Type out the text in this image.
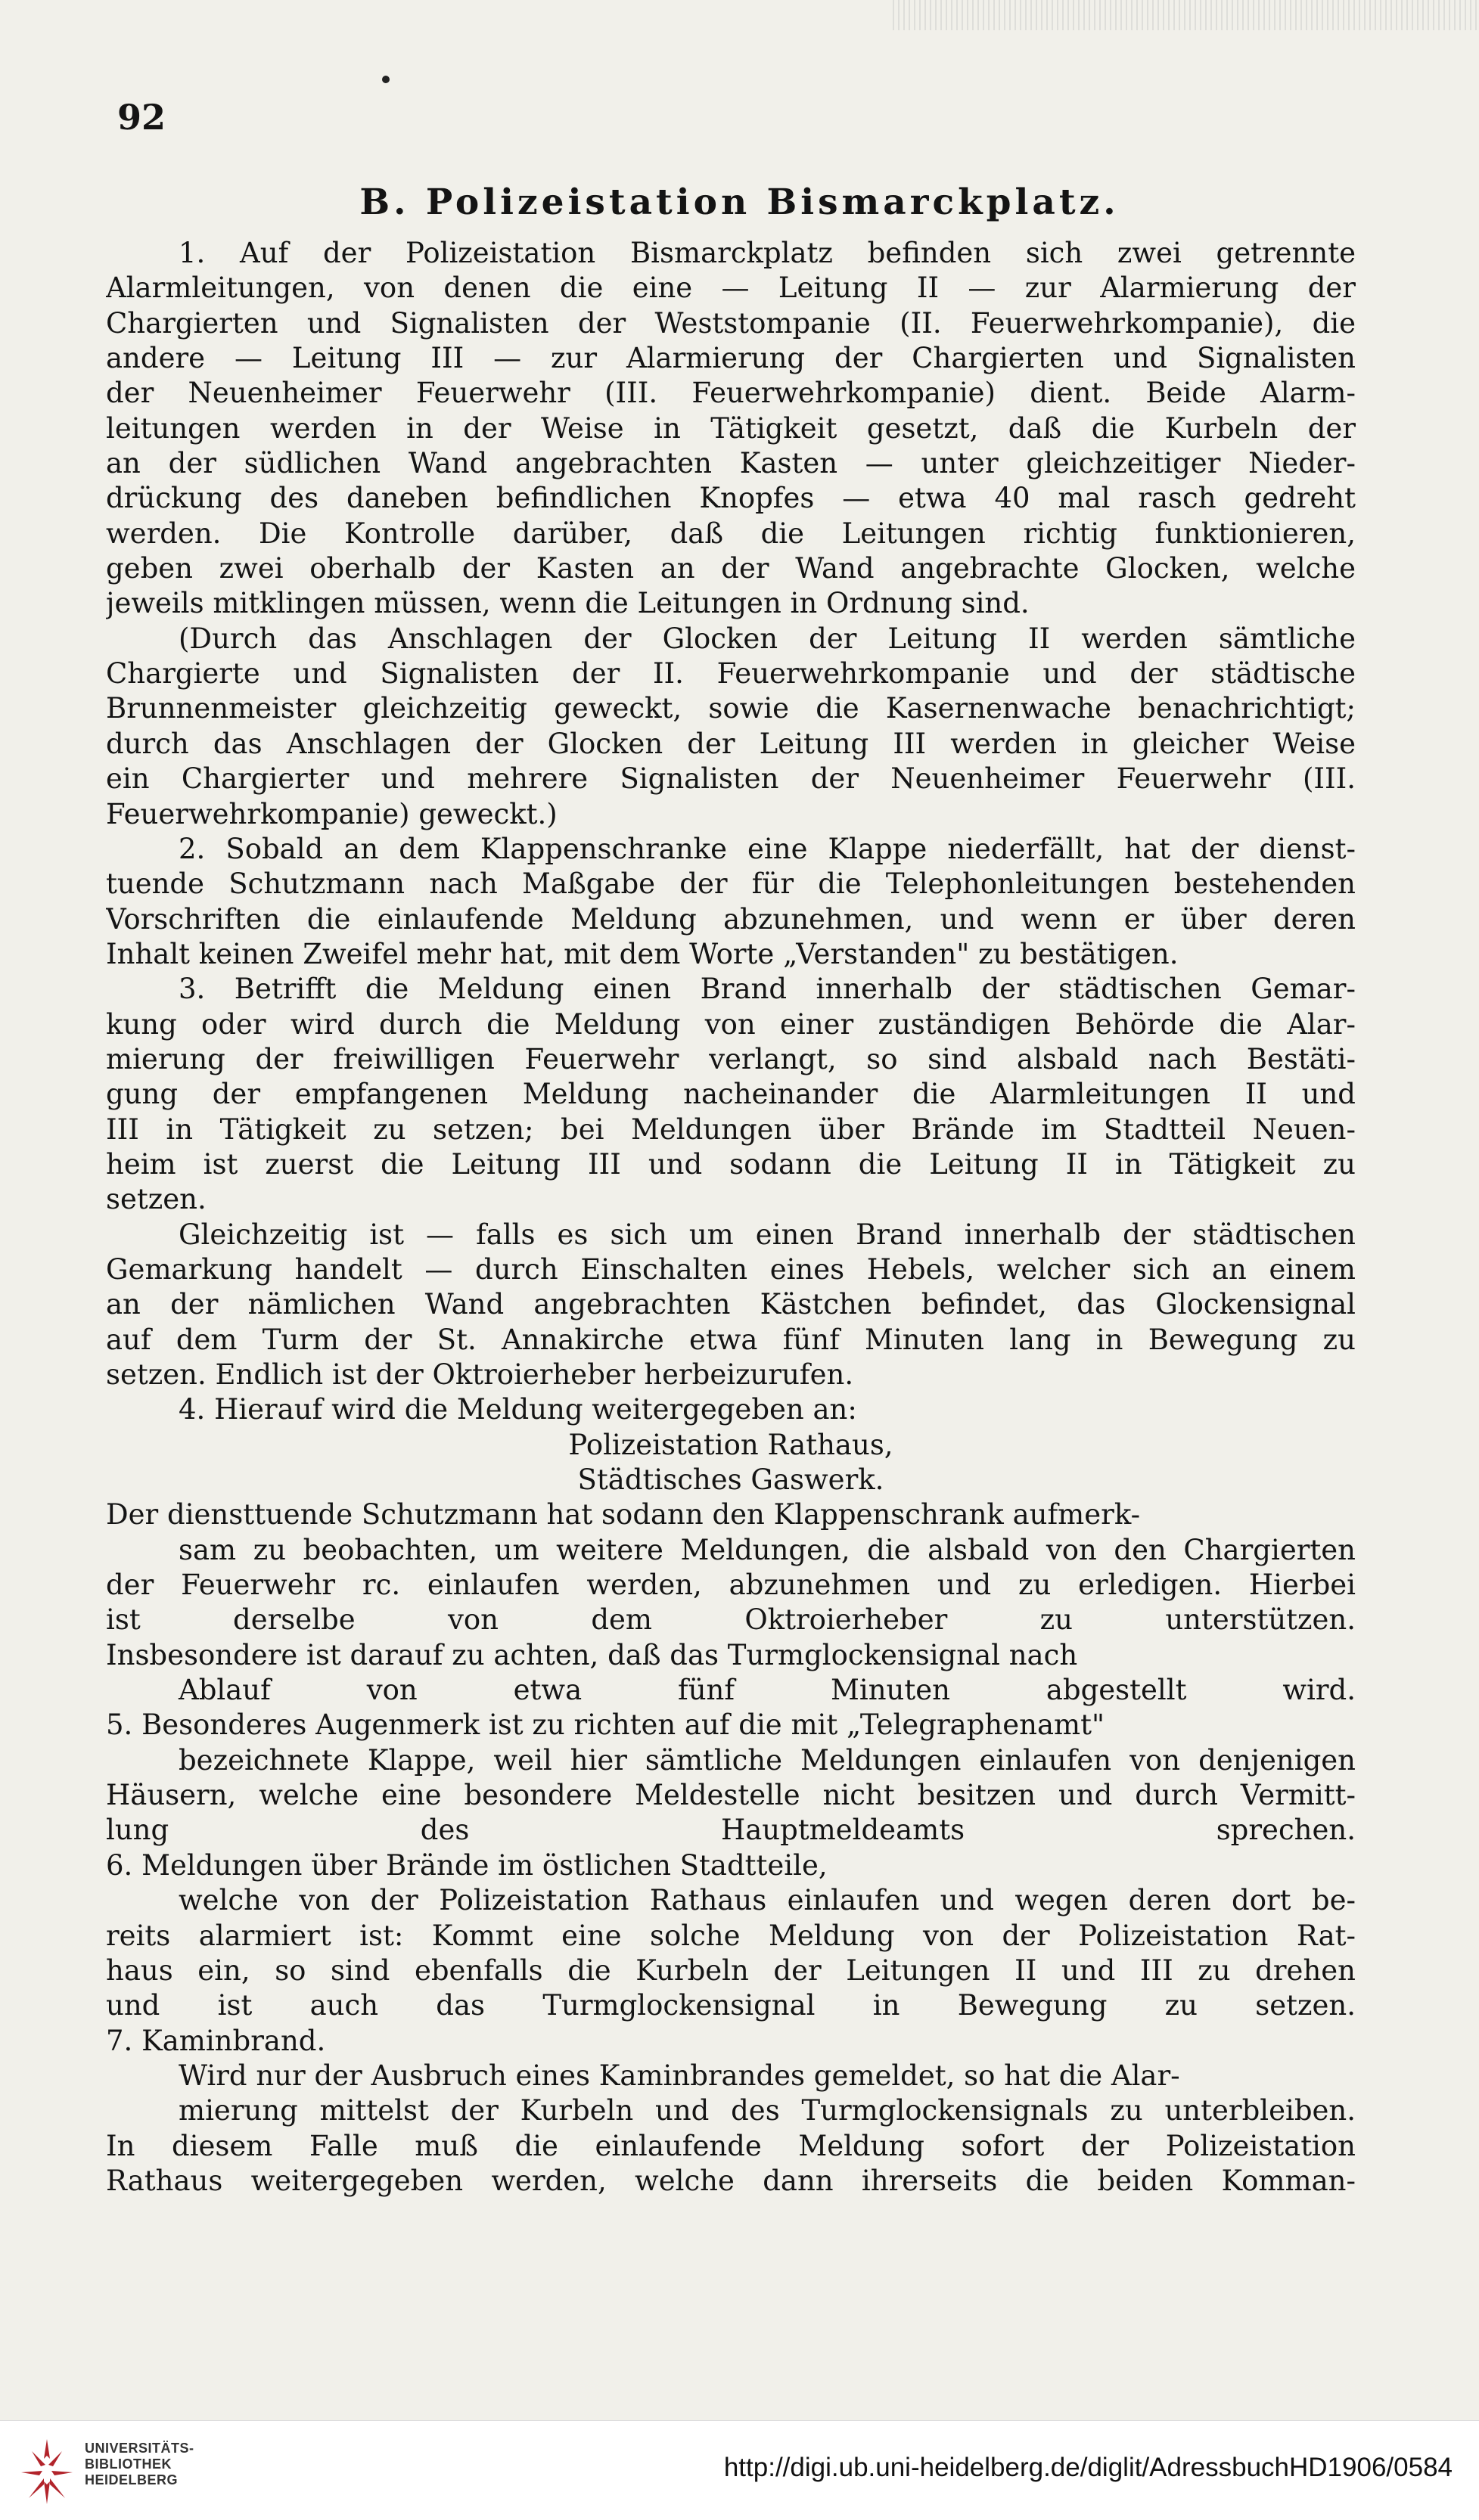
92
B. Polizeistation Bismarckplatz.
1. Auf der Polizeistation Bismarckplatz befinden sich zwei getrennte
Alarmleitungen, von denen die eine — Leitung II — zur Alarmierung der
Chargierten und Signalisten der Weststompanie (II. Feuerwehrkompanie), die
andere — Leitung III — zur Alarmierung der Chargierten und Signalisten
der Neuenheimer Feuerwehr (III. Feuerwehrkompanie) dient. Beide Alarm-
leitungen werden in der Weise in Tätigkeit gesetzt, daß die Kurbeln der
an der südlichen Wand angebrachten Kasten — unter gleichzeitiger Nieder-
drückung des daneben befindlichen Knopfes — etwa 40 mal rasch gedreht
werden. Die Kontrolle darüber, daß die Leitungen richtig funktionieren,
geben zwei oberhalb der Kasten an der Wand angebrachte Glocken, welche
jeweils mitklingen müssen, wenn die Leitungen in Ordnung sind.
(Durch das Anschlagen der Glocken der Leitung II werden sämtliche
Chargierte und Signalisten der II. Feuerwehrkompanie und der städtische
Brunnenmeister gleichzeitig geweckt, sowie die Kasernenwache benachrichtigt;
durch das Anschlagen der Glocken der Leitung III werden in gleicher Weise
ein Chargierter und mehrere Signalisten der Neuenheimer Feuerwehr (III.
Feuerwehrkompanie) geweckt.)
2. Sobald an dem Klappenschranke eine Klappe niederfällt, hat der dienst-
tuende Schutzmann nach Maßgabe der für die Telephonleitungen bestehenden
Vorschriften die einlaufende Meldung abzunehmen, und wenn er über deren
Inhalt keinen Zweifel mehr hat, mit dem Worte „Verstanden" zu bestätigen.
3. Betrifft die Meldung einen Brand innerhalb der städtischen Gemar-
kung oder wird durch die Meldung von einer zuständigen Behörde die Alar-
mierung der freiwilligen Feuerwehr verlangt, so sind alsbald nach Bestäti-
gung der empfangenen Meldung nacheinander die Alarmleitungen II und
III in Tätigkeit zu setzen; bei Meldungen über Brände im Stadtteil Neuen-
heim ist zuerst die Leitung III und sodann die Leitung II in Tätigkeit zu
setzen.
Gleichzeitig ist — falls es sich um einen Brand innerhalb der städtischen
Gemarkung handelt — durch Einschalten eines Hebels, welcher sich an einem
an der nämlichen Wand angebrachten Kästchen befindet, das Glockensignal
auf dem Turm der St. Annakirche etwa fünf Minuten lang in Bewegung zu
setzen. Endlich ist der Oktroierheber herbeizurufen.
4. Hierauf wird die Meldung weitergegeben an:
Polizeistation Rathaus,
Städtisches Gaswerk.
Der diensttuende Schutzmann hat sodann den Klappenschrank aufmerk-
sam zu beobachten, um weitere Meldungen, die alsbald von den Chargierten
der Feuerwehr rc. einlaufen werden, abzunehmen und zu erledigen. Hierbei
ist derselbe von dem Oktroierheber zu unterstützen.
Insbesondere ist darauf zu achten, daß das Turmglockensignal nach
Ablauf von etwa fünf Minuten abgestellt wird.
5. Besonderes Augenmerk ist zu richten auf die mit „Telegraphenamt"
bezeichnete Klappe, weil hier sämtliche Meldungen einlaufen von denjenigen
Häusern, welche eine besondere Meldestelle nicht besitzen und durch Vermitt-
lung des Hauptmeldeamts sprechen.
6. Meldungen über Brände im östlichen Stadtteile,
welche von der Polizeistation Rathaus einlaufen und wegen deren dort be-
reits alarmiert ist: Kommt eine solche Meldung von der Polizeistation Rat-
haus ein, so sind ebenfalls die Kurbeln der Leitungen II und III zu drehen
und ist auch das Turmglockensignal in Bewegung zu setzen.
7. Kaminbrand.
Wird nur der Ausbruch eines Kaminbrandes gemeldet, so hat die Alar-
mierung mittelst der Kurbeln und des Turmglockensignals zu unterbleiben.
In diesem Falle muß die einlaufende Meldung sofort der Polizeistation
Rathaus weitergegeben werden, welche dann ihrerseits die beiden Komman-
UNIVERSITÄTS-
BIBLIOTHEK
HEIDELBERG	http://digi.ub.uni-heidelberg.de/diglit/AdressbuchHD1906/0584
